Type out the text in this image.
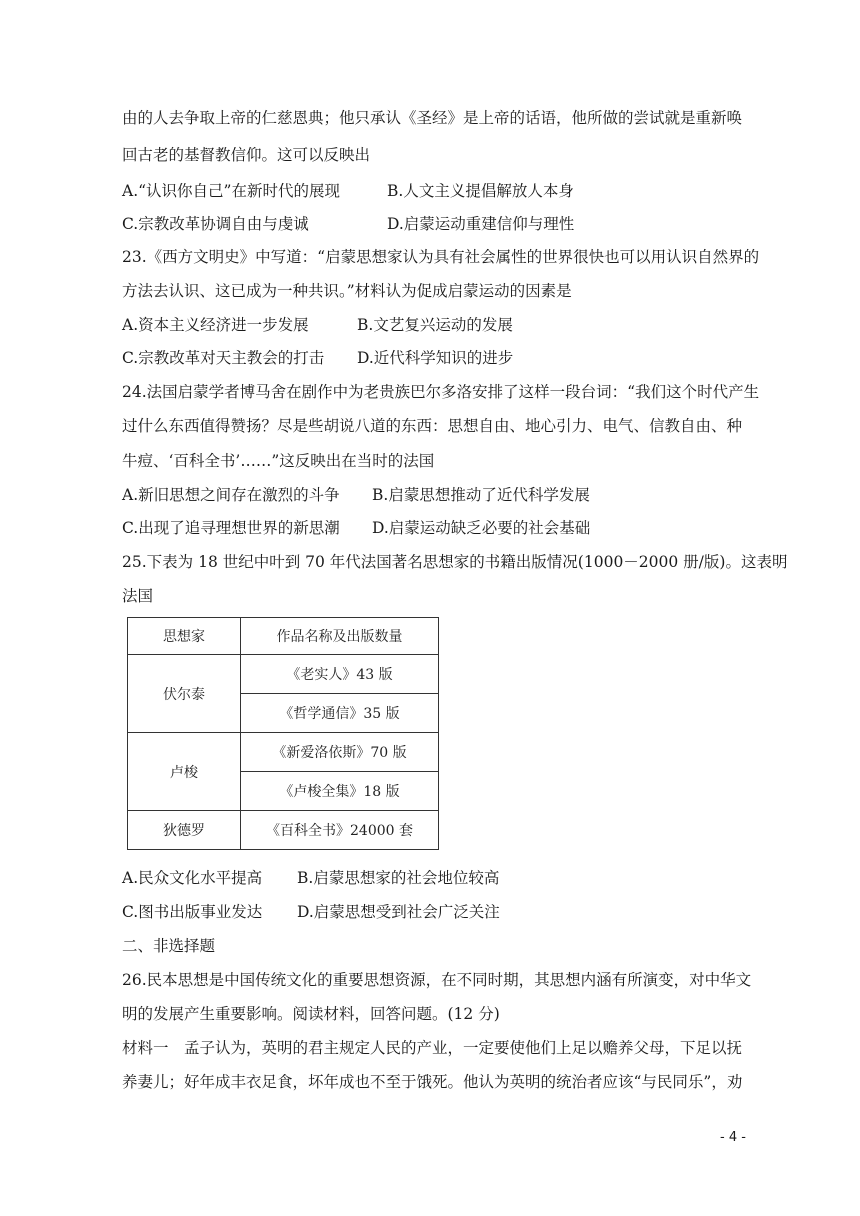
由的人去争取上帝的仁慈恩典；他只承认《圣经》是上帝的话语，他所做的尝试就是重新唤
回古老的基督教信仰。这可以反映出
A.“认识你自己”在新时代的展现	B.人文主义提倡解放人本身
C.宗教改革协调自由与虔诚	D.启蒙运动重建信仰与理性
23.《西方文明史》中写道：“启蒙思想家认为具有社会属性的世界很快也可以用认识自然界的
方法去认识、这已成为一种共识。”材料认为促成启蒙运动的因素是
A.资本主义经济进一步发展	B.文艺复兴运动的发展
C.宗教改革对天主教会的打击 D.近代科学知识的进步
24.法国启蒙学者博马舍在剧作中为老贵族巴尔多洛安排了这样一段台词：“我们这个时代产生
过什么东西值得赞扬？尽是些胡说八道的东西：思想自由、地心引力、电气、信教自由、种
牛痘、‘百科全书’……”这反映出在当时的法国
A.新旧思想之间存在激烈的斗争 B.启蒙思想推动了近代科学发展
C.出现了追寻理想世界的新思潮 D.启蒙运动缺乏必要的社会基础
25.下表为 18 世纪中叶到 70 年代法国著名思想家的书籍出版情况(1000－2000 册/版)。这表明
法国
思想家	作品名称及出版数量
伏尔泰	《老实人》43 版
	《哲学通信》35 版
卢梭	《新爱洛依斯》70 版
	《卢梭全集》18 版
狄德罗	《百科全书》24000 套
A.民众文化水平提高 B.启蒙思想家的社会地位较高
C.图书出版事业发达 D.启蒙思想受到社会广泛关注
二、非选择题
26.民本思想是中国传统文化的重要思想资源，在不同时期，其思想内涵有所演变，对中华文
明的发展产生重要影响。阅读材料，回答问题。(12 分)
材料一　孟子认为，英明的君主规定人民的产业，一定要使他们上足以赡养父母，下足以抚
养妻儿；好年成丰衣足食，坏年成也不至于饿死。他认为英明的统治者应该“与民同乐”，劝
- 4 -
